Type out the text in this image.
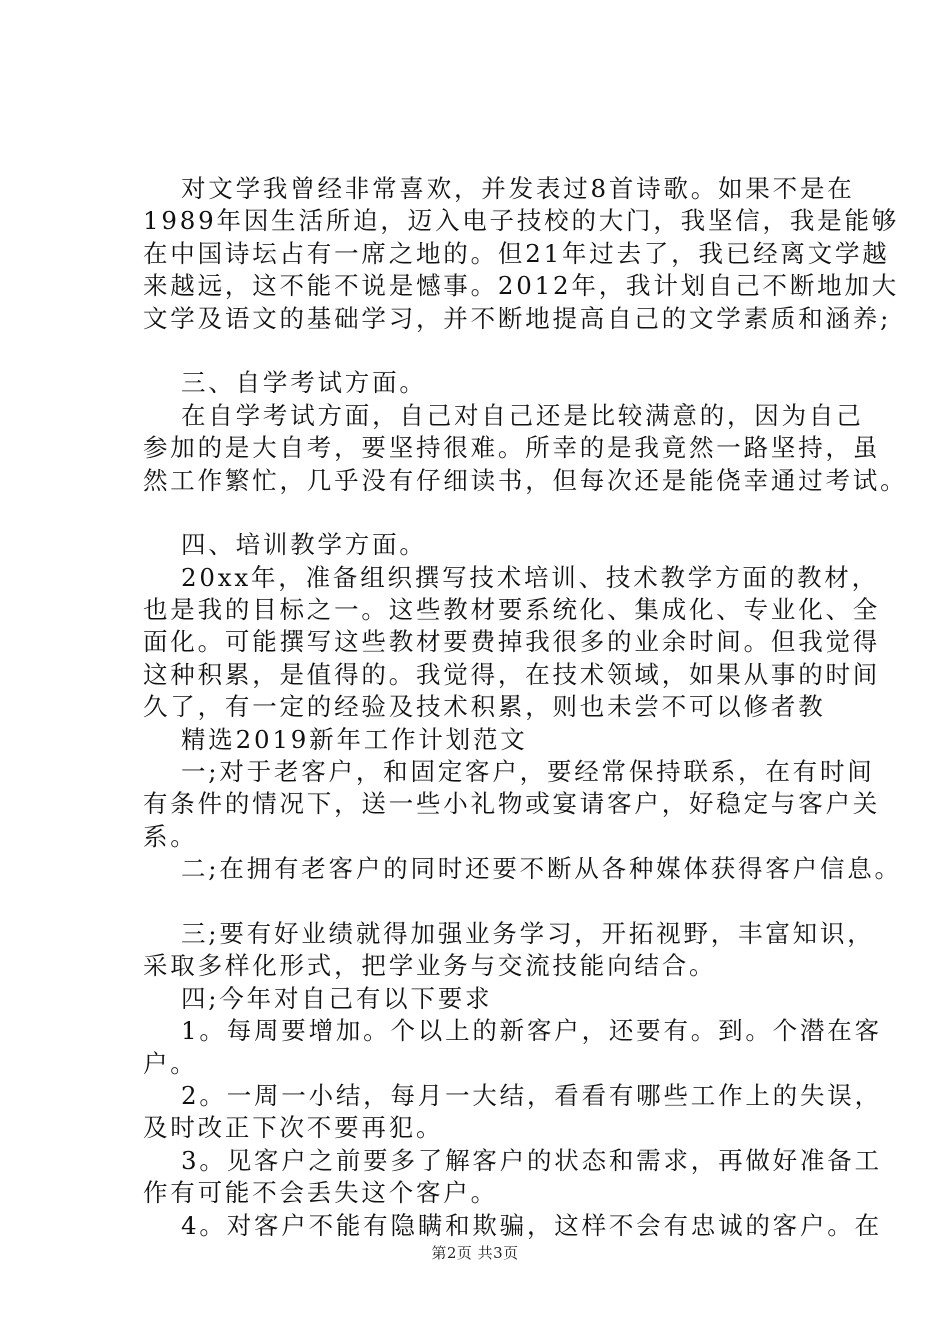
对文学我曾经非常喜欢，并发表过8首诗歌。如果不是在
1989年因生活所迫，迈入电子技校的大门，我坚信，我是能够
在中国诗坛占有一席之地的。但21年过去了，我已经离文学越
来越远，这不能不说是憾事。2012年，我计划自己不断地加大
文学及语文的基础学习，并不断地提高自己的文学素质和涵养;
三、自学考试方面。
在自学考试方面，自己对自己还是比较满意的，因为自己
参加的是大自考，要坚持很难。所幸的是我竟然一路坚持，虽
然工作繁忙，几乎没有仔细读书，但每次还是能侥幸通过考试。
四、培训教学方面。
20xx年，准备组织撰写技术培训、技术教学方面的教材，
也是我的目标之一。这些教材要系统化、集成化、专业化、全
面化。可能撰写这些教材要费掉我很多的业余时间。但我觉得
这种积累，是值得的。我觉得，在技术领域，如果从事的时间
久了，有一定的经验及技术积累，则也未尝不可以修者教
精选2019新年工作计划范文
一;对于老客户，和固定客户，要经常保持联系，在有时间
有条件的情况下，送一些小礼物或宴请客户，好稳定与客户关
系。
二;在拥有老客户的同时还要不断从各种媒体获得客户信息。
三;要有好业绩就得加强业务学习，开拓视野，丰富知识，
采取多样化形式，把学业务与交流技能向结合。
四;今年对自己有以下要求
1。每周要增加。个以上的新客户，还要有。到。个潜在客
户。
2。一周一小结，每月一大结，看看有哪些工作上的失误，
及时改正下次不要再犯。
3。见客户之前要多了解客户的状态和需求，再做好准备工
作有可能不会丢失这个客户。
4。对客户不能有隐瞒和欺骗，这样不会有忠诚的客户。在
第2页 共3页
